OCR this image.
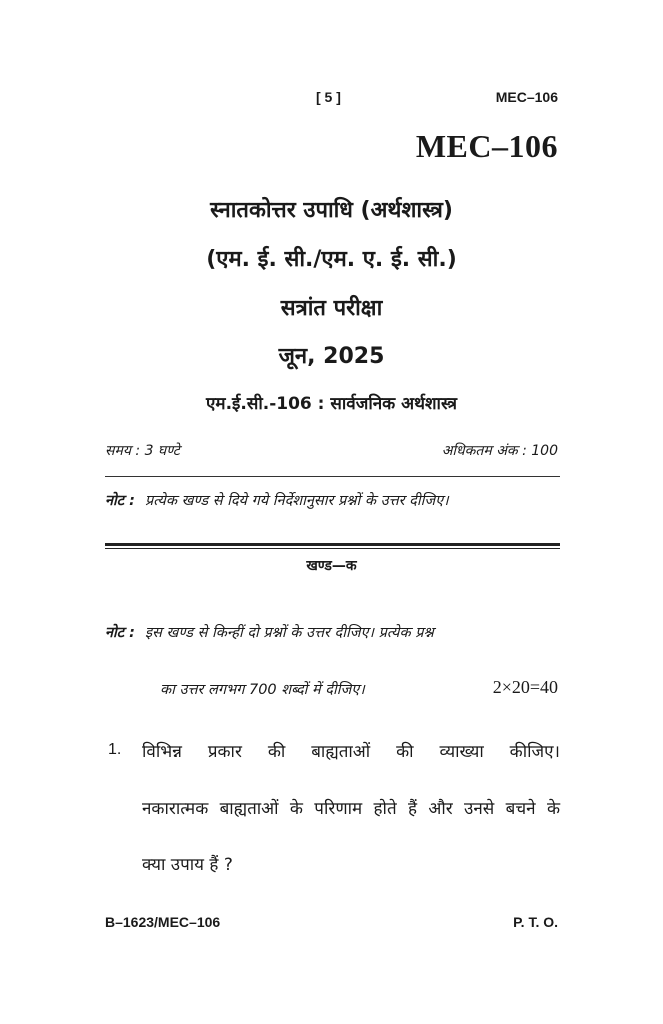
[ 5 ]	MEC–106
MEC–106
स्नातकोत्तर उपाधि (अर्थशास्त्र)
(एम. ई. सी./एम. ए. ई. सी.)
सत्रांत परीक्षा
जून, 2025
एम.ई.सी.-106 : सार्वजनिक अर्थशास्त्र
समय : 3 घण्टे	अधिकतम अंक : 100
नोट : प्रत्येक खण्ड से दिये गये निर्देशानुसार प्रश्नों के उत्तर दीजिए।
खण्ड—क
नोट : इस खण्ड से किन्हीं दो प्रश्नों के उत्तर दीजिए। प्रत्येक प्रश्न
का उत्तर लगभग 700 शब्दों में दीजिए।	2×20=40
1. विभिन्न प्रकार की बाह्यताओं की व्याख्या कीजिए।
नकारात्मक बाह्यताओं के परिणाम होते हैं और उनसे बचने के
क्या उपाय हैं ?
B–1623/MEC–106	P. T. O.
